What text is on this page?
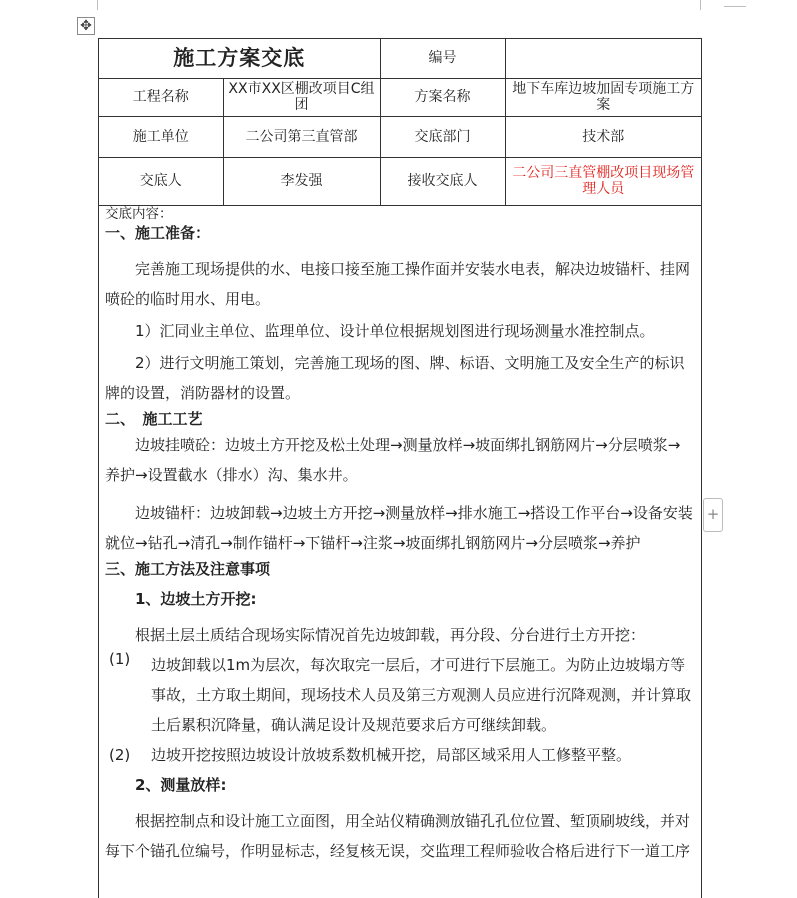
✥
+
施工方案交底		编号	
工程名称	XX市XX区棚改项目C组团	方案名称	地下车库边坡加固专项施工方案
施工单位	二公司第三直管部	交底部门	技术部
交底人	李发强	接收交底人	二公司三直管棚改项目现场管理人员

交底内容：

一、施工准备：

完善施工现场提供的水、电接口接至施工操作面并安装水电表，解决边坡锚杆、挂网喷砼的临时用水、用电。

1）汇同业主单位、监理单位、设计单位根据规划图进行现场测量水准控制点。

2）进行文明施工策划，完善施工现场的图、牌、标语、文明施工及安全生产的标识牌的设置，消防器材的设置。

二、　施工工艺

边坡挂喷砼：边坡土方开挖及松土处理→测量放样→坡面绑扎钢筋网片→分层喷浆→养护→设置截水（排水）沟、集水井。

边坡锚杆：边坡卸载→边坡土方开挖→测量放样→排水施工→搭设工作平台→设备安装就位→钻孔→清孔→制作锚杆→下锚杆→注浆→坡面绑扎钢筋网片→分层喷浆→养护

三、施工方法及注意事项

1、边坡土方开挖:

根据土层土质结合现场实际情况首先边坡卸载，再分段、分台进行土方开挖：

(1)	边坡卸载以1m为层次，每次取完一层后，才可进行下层施工。为防止边坡塌方等事故，土方取土期间，现场技术人员及第三方观测人员应进行沉降观测，并计算取土后累积沉降量，确认满足设计及规范要求后方可继续卸载。
(2)	边坡开挖按照边坡设计放坡系数机械开挖，局部区域采用人工修整平整。

2、测量放样:

根据控制点和设计施工立面图，用全站仪精确测放锚孔孔位位置、堑顶刷坡线，并对每下个锚孔位编号，作明显标志，经复核无误，交监理工程师验收合格后进行下一道工序
